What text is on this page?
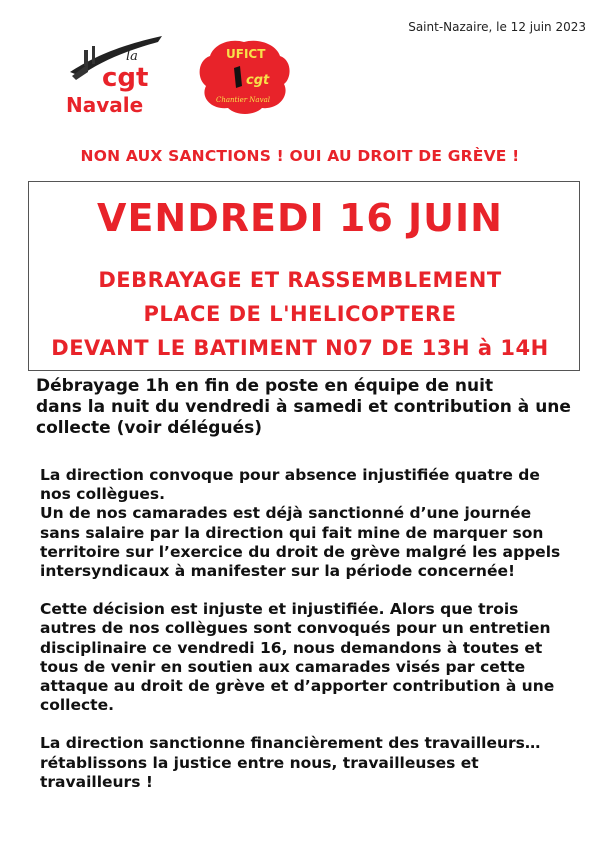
Saint-Nazaire, le 12 juin 2023
la
cgt
Navale
UFICT
cgt
Chantier Naval
NON AUX SANCTIONS ! OUI AU DROIT DE GRÈVE !
VENDREDI 16 JUIN
DEBRAYAGE ET RASSEMBLEMENT
PLACE DE L'HELICOPTERE
DEVANT LE BATIMENT N07 DE 13H à 14H
Débrayage 1h en fin de poste en équipe de nuit
dans la nuit du vendredi à samedi et contribution à une
collecte (voir délégués)

La direction convoque pour absence injustifiée quatre de
nos collègues.
Un de nos camarades est déjà sanctionné d’une journée
sans salaire par la direction qui fait mine de marquer son
territoire sur l’exercice du droit de grève malgré les appels
intersyndicaux à manifester sur la période concernée!

Cette décision est injuste et injustifiée. Alors que trois
autres de nos collègues sont convoqués pour un entretien
disciplinaire ce vendredi 16, nous demandons à toutes et
tous de venir en soutien aux camarades visés par cette
attaque au droit de grève et d’apporter contribution à une
collecte.

La direction sanctionne financièrement des travailleurs…
rétablissons la justice entre nous, travailleuses et
travailleurs !
